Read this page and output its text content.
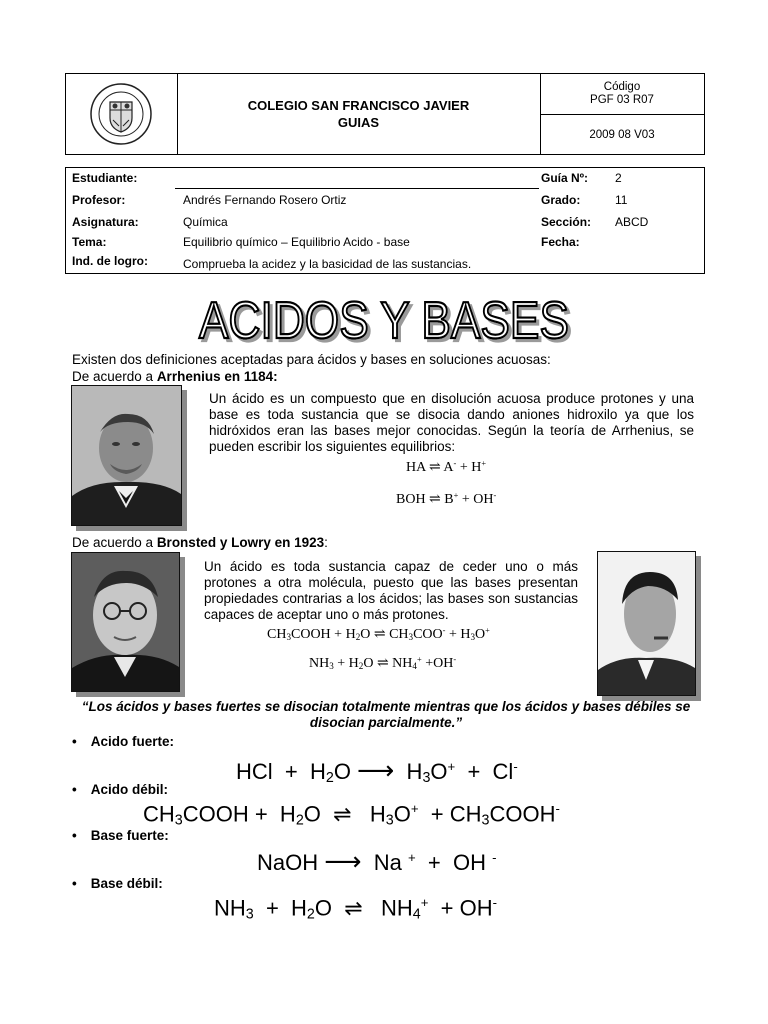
COLEGIO SAN FRANCISCO JAVIER
GUIAS
Código
PGF 03 R07
2009 08 V03
Estudiante:
Profesor:	Andrés Fernando Rosero Ortiz
Asignatura:	Química
Tema:	Equilibrio químico – Equilibrio Acido - base
Ind. de logro:	Comprueba la acidez y la basicidad de las sustancias.
Guía Nº: 2
Grado:	11
Sección: ABCD
Fecha:
ACIDOS Y BASES
Existen dos definiciones aceptadas para ácidos y bases en soluciones acuosas:
De acuerdo a Arrhenius en 1184:
Un ácido es un compuesto que en disolución acuosa produce protones y una base es toda sustancia que se disocia dando aniones hidroxilo ya que los hidróxidos eran las bases mejor conocidas. Según la teoría de Arrhenius, se pueden escribir los siguientes equilibrios:
HA ⇌ A- + H+
BOH ⇌ B+ + OH-
De acuerdo a Bronsted y Lowry en 1923:
Un ácido es toda sustancia capaz de ceder uno o más protones a otra molécula, puesto que las bases presentan propiedades contrarias a los ácidos; las bases son sustancias capaces de aceptar uno o más protones.
$CH_3COOH + H_2O$ ⇌ $CH_3COO^- + H_3O^+$
$NH_3 + H_2O$ ⇌ $NH_4^+ +OH^-$
“Los ácidos y bases fuertes se disocian totalmente mientras que los ácidos y bases débiles se disocian parcialmente.”
• Acido fuerte:
HCl  +  $H_2O$ ⟶  $H_3O^+ + Cl^-$
• Acido débil:
$CH_3COOH + H_2O$  ⇌   $H_3O^+$  + $CH_3COOH^-$
• Base fuerte:
NaOH ⟶  Na +  +  OH -
• Base débil:
$NH_3 + H_2O$  ⇌   $NH_4^+ + OH^-$
